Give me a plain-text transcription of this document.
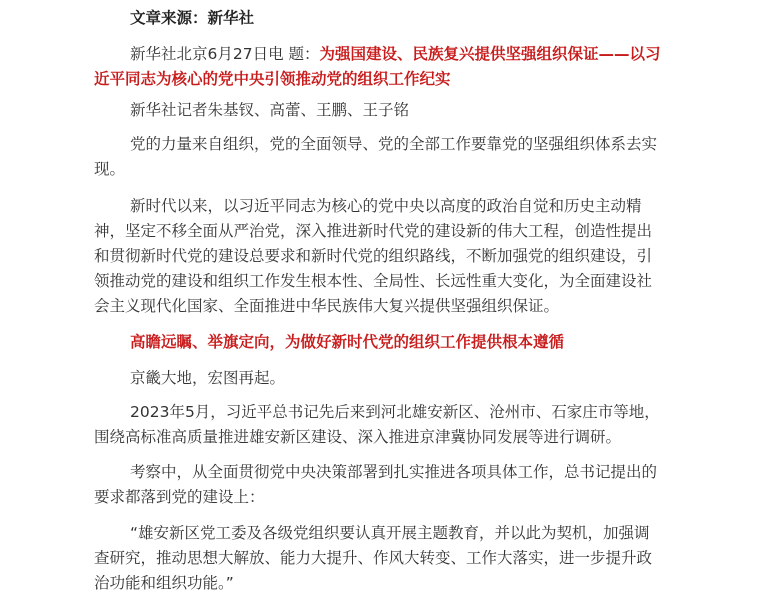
文章来源：新华社

新华社北京6月27日电 题：为强国建设、民族复兴提供坚强组织保证——以习

近平同志为核心的党中央引领推动党的组织工作纪实

新华社记者朱基钗、高蕾、王鹏、王子铭

党的力量来自组织，党的全面领导、党的全部工作要靠党的坚强组织体系去实

现。

新时代以来，以习近平同志为核心的党中央以高度的政治自觉和历史主动精

神，坚定不移全面从严治党，深入推进新时代党的建设新的伟大工程，创造性提出

和贯彻新时代党的建设总要求和新时代党的组织路线，不断加强党的组织建设，引

领推动党的建设和组织工作发生根本性、全局性、长远性重大变化，为全面建设社

会主义现代化国家、全面推进中华民族伟大复兴提供坚强组织保证。

高瞻远瞩、举旗定向，为做好新时代党的组织工作提供根本遵循

京畿大地，宏图再起。

2023年5月，习近平总书记先后来到河北雄安新区、沧州市、石家庄市等地，

围绕高标准高质量推进雄安新区建设、深入推进京津冀协同发展等进行调研。

考察中，从全面贯彻党中央决策部署到扎实推进各项具体工作，总书记提出的

要求都落到党的建设上：

“雄安新区党工委及各级党组织要认真开展主题教育，并以此为契机，加强调

查研究，推动思想大解放、能力大提升、作风大转变、工作大落实，进一步提升政

治功能和组织功能。”
